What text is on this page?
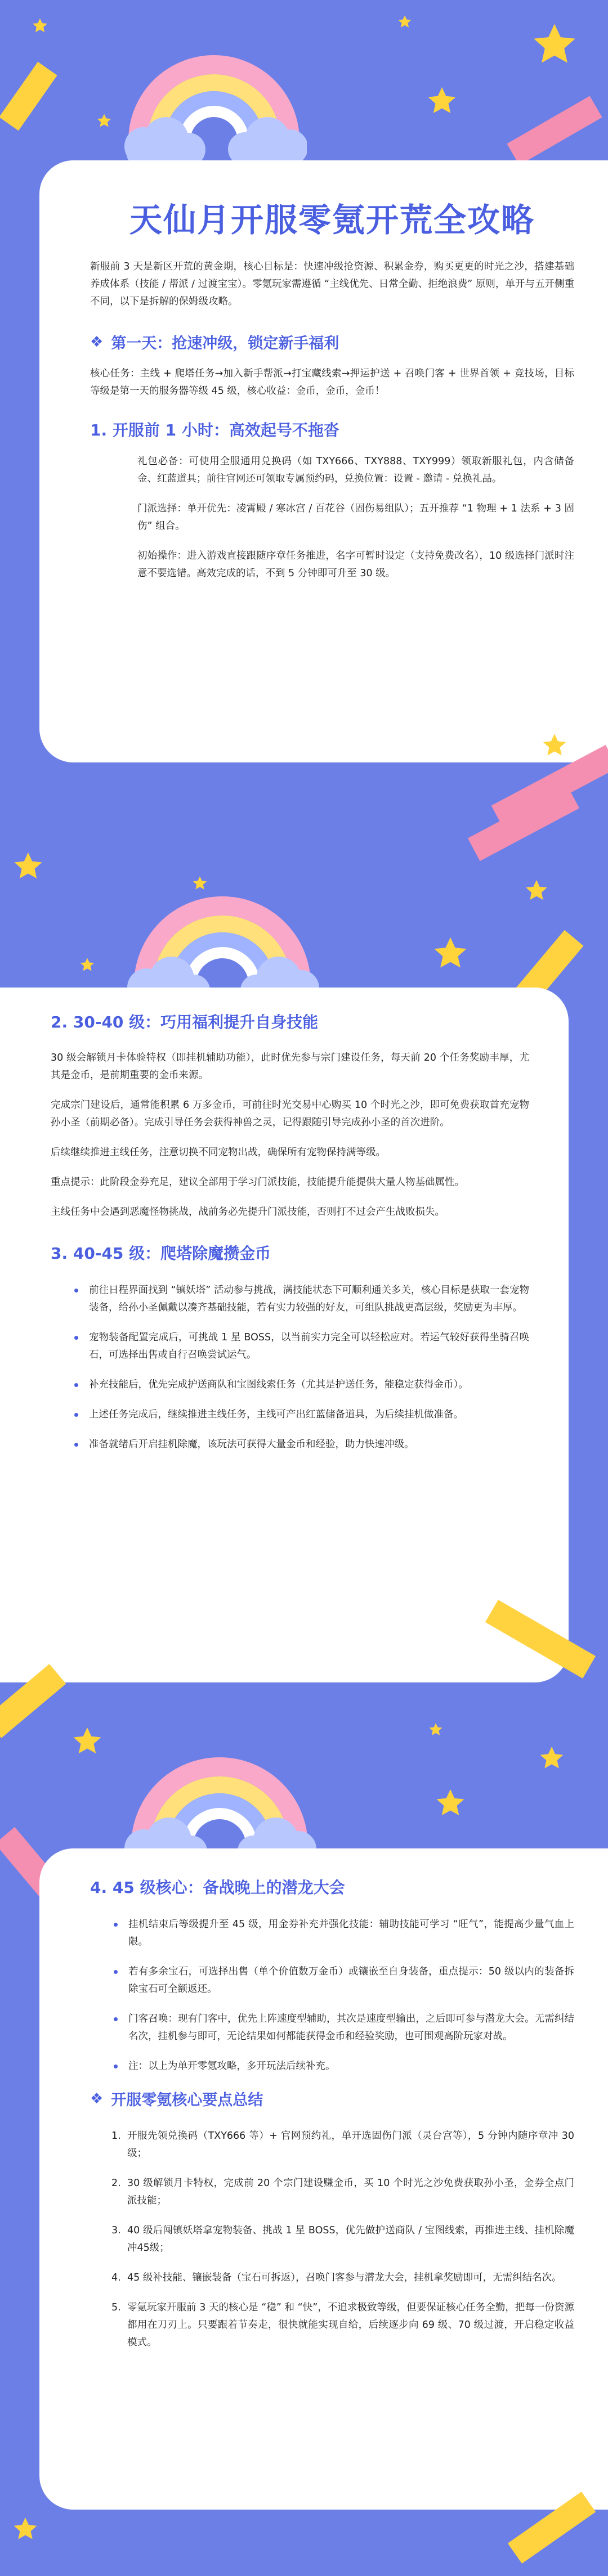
天仙月开服零氪开荒全攻略

新服前 3 天是新区开荒的黄金期，核心目标是：快速冲级抢资源、积累金券，购买更更的时光之沙，搭建基础养成体系（技能 / 帮派 / 过渡宝宝）。零氪玩家需遵循 “主线优先、日常全勤、拒绝浪费” 原则，单开与五开侧重不同，以下是拆解的保姆级攻略。

❖ 第一天：抢速冲级，锁定新手福利

核心任务：主线 + 爬塔任务→加入新手帮派→打宝藏线索→押运护送 + 召唤门客 + 世界首领 + 竞技场，目标等级是第一天的服务器等级 45 级，核心收益：金币，金币，金币！

1. 开服前 1 小时：高效起号不拖沓

礼包必备：可使用全服通用兑换码（如 TXY666、TXY888、TXY999）领取新服礼包，内含储备金、红蓝道具；前往官网还可领取专属预约码，兑换位置：设置 - 邀请 - 兑换礼品。

门派选择：单开优先：凌霄殿 / 寒冰宫 / 百花谷（固伤易组队）；五开推荐 “1 物理 + 1 法系 + 3 固伤” 组合。

初始操作：进入游戏直接跟随序章任务推进，名字可暂时设定（支持免费改名），10 级选择门派时注意不要选错。高效完成的话，不到 5 分钟即可升至 30 级。

2. 30-40 级：巧用福利提升自身技能

30 级会解锁月卡体验特权（即挂机辅助功能），此时优先参与宗门建设任务，每天前 20 个任务奖励丰厚，尤其是金币，是前期重要的金币来源。

完成宗门建设后，通常能积累 6 万多金币，可前往时光交易中心购买 10 个时光之沙，即可免费获取首充宠物孙小圣（前期必备）。完成引导任务会获得神兽之灵，记得跟随引导完成孙小圣的首次进阶。

后续继续推进主线任务，注意切换不同宠物出战，确保所有宠物保持满等级。

重点提示：此阶段金券充足，建议全部用于学习门派技能，技能提升能提供大量人物基础属性。

主线任务中会遇到恶魔怪物挑战，战前务必先提升门派技能，否则打不过会产生战败损失。

3. 40-45 级：爬塔除魔攒金币
前往日程界面找到 “镇妖塔” 活动参与挑战，满技能状态下可顺利通关多关，核心目标是获取一套宠物装备，给孙小圣佩戴以凑齐基础技能，若有实力较强的好友，可组队挑战更高层级，奖励更为丰厚。
宠物装备配置完成后，可挑战 1 星 BOSS，以当前实力完全可以轻松应对。若运气较好获得坐骑召唤石，可选择出售或自行召唤尝试运气。
补充技能后，优先完成护送商队和宝图线索任务（尤其是护送任务，能稳定获得金币）。
上述任务完成后，继续推进主线任务，主线可产出红蓝储备道具，为后续挂机做准备。
准备就绪后开启挂机除魔，该玩法可获得大量金币和经验，助力快速冲级。
4. 45 级核心：备战晚上的潜龙大会
挂机结束后等级提升至 45 级，用金券补充并强化技能：辅助技能可学习 “旺气”，能提高少量气血上限。
若有多余宝石，可选择出售（单个价值数万金币）或镶嵌至自身装备，重点提示：50 级以内的装备拆除宝石可全额返还。
门客召唤：现有门客中，优先上阵速度型辅助，其次是速度型输出，之后即可参与潜龙大会。无需纠结名次，挂机参与即可，无论结果如何都能获得金币和经验奖励，也可围观高阶玩家对战。
注：以上为单开零氪攻略，多开玩法后续补充。
❖ 开服零氪核心要点总结
1. 开服先领兑换码（TXY666 等）+ 官网预约礼，单开选固伤门派（灵台宫等），5 分钟内随序章冲 30 级；
2. 30 级解锁月卡特权，完成前 20 个宗门建设赚金币，买 10 个时光之沙免费获取孙小圣，金券全点门派技能；
3. 40 级后闯镇妖塔拿宠物装备、挑战 1 星 BOSS，优先做护送商队 / 宝图线索，再推进主线、挂机除魔冲45级；
4. 45 级补技能、镶嵌装备（宝石可拆返），召唤门客参与潜龙大会，挂机拿奖励即可，无需纠结名次。
5. 零氪玩家开服前 3 天的核心是 “稳” 和 “快”，不追求极致等级，但要保证核心任务全勤，把每一份资源都用在刀刃上。只要跟着节奏走，很快就能实现自给，后续逐步向 69 级、70 级过渡，开启稳定收益模式。
